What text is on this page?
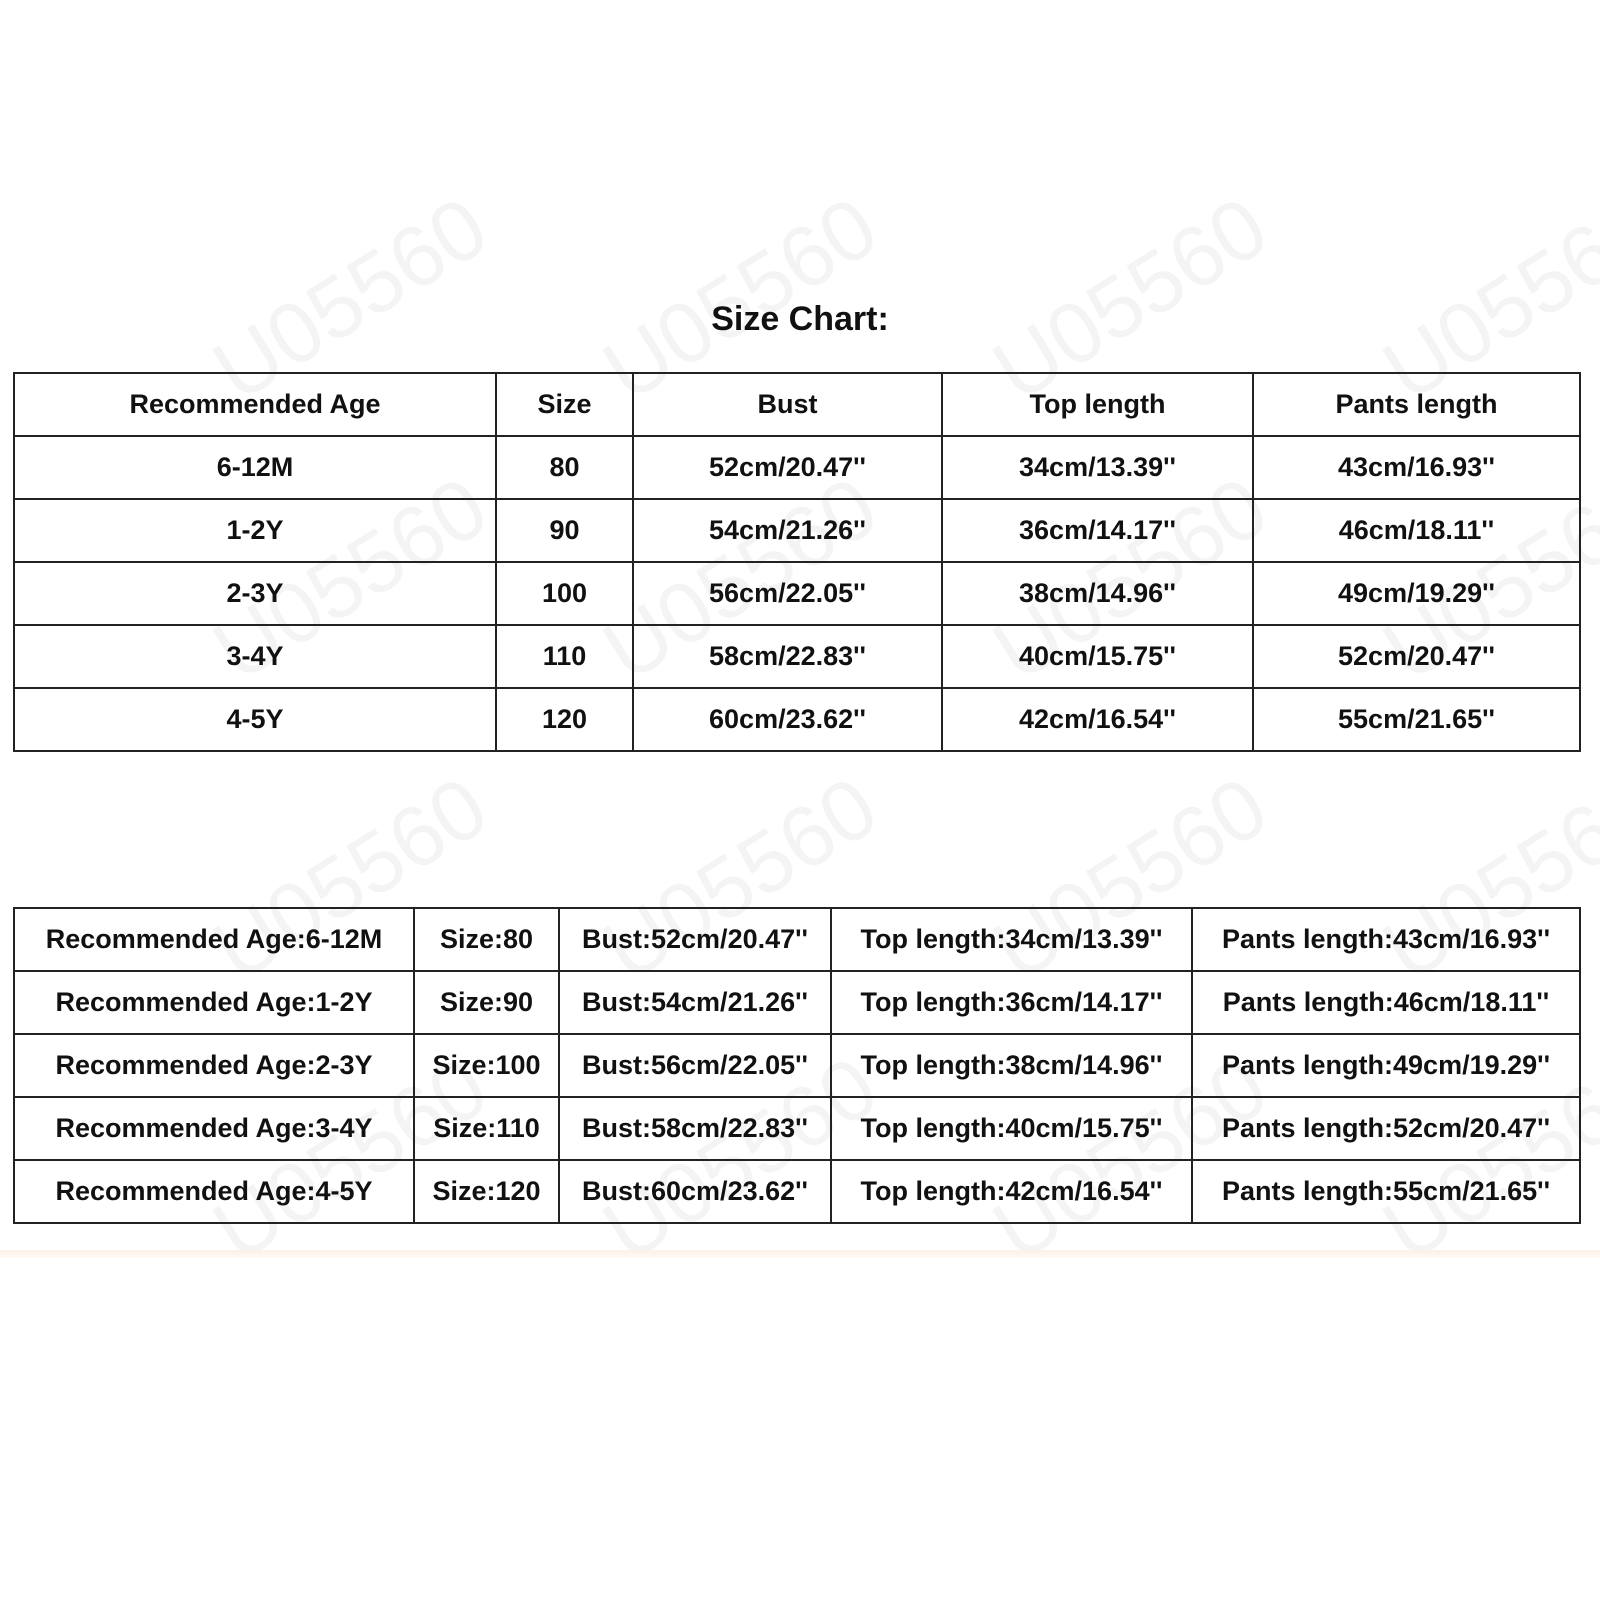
Size Chart:
Recommended Age	Size	Bust	Top length	Pants length
6-12M	80	52cm/20.47''	34cm/13.39''	43cm/16.93''
1-2Y	90	54cm/21.26''	36cm/14.17''	46cm/18.11''
2-3Y	100	56cm/22.05''	38cm/14.96''	49cm/19.29''
3-4Y	110	58cm/22.83''	40cm/15.75''	52cm/20.47''
4-5Y	120	60cm/23.62''	42cm/16.54''	55cm/21.65''
Recommended Age:6-12M	Size:80	Bust:52cm/20.47''	Top length:34cm/13.39''	Pants length:43cm/16.93''
Recommended Age:1-2Y	Size:90	Bust:54cm/21.26''	Top length:36cm/14.17''	Pants length:46cm/18.11''
Recommended Age:2-3Y	Size:100	Bust:56cm/22.05''	Top length:38cm/14.96''	Pants length:49cm/19.29''
Recommended Age:3-4Y	Size:110	Bust:58cm/22.83''	Top length:40cm/15.75''	Pants length:52cm/20.47''
Recommended Age:4-5Y	Size:120	Bust:60cm/23.62''	Top length:42cm/16.54''	Pants length:55cm/21.65''
